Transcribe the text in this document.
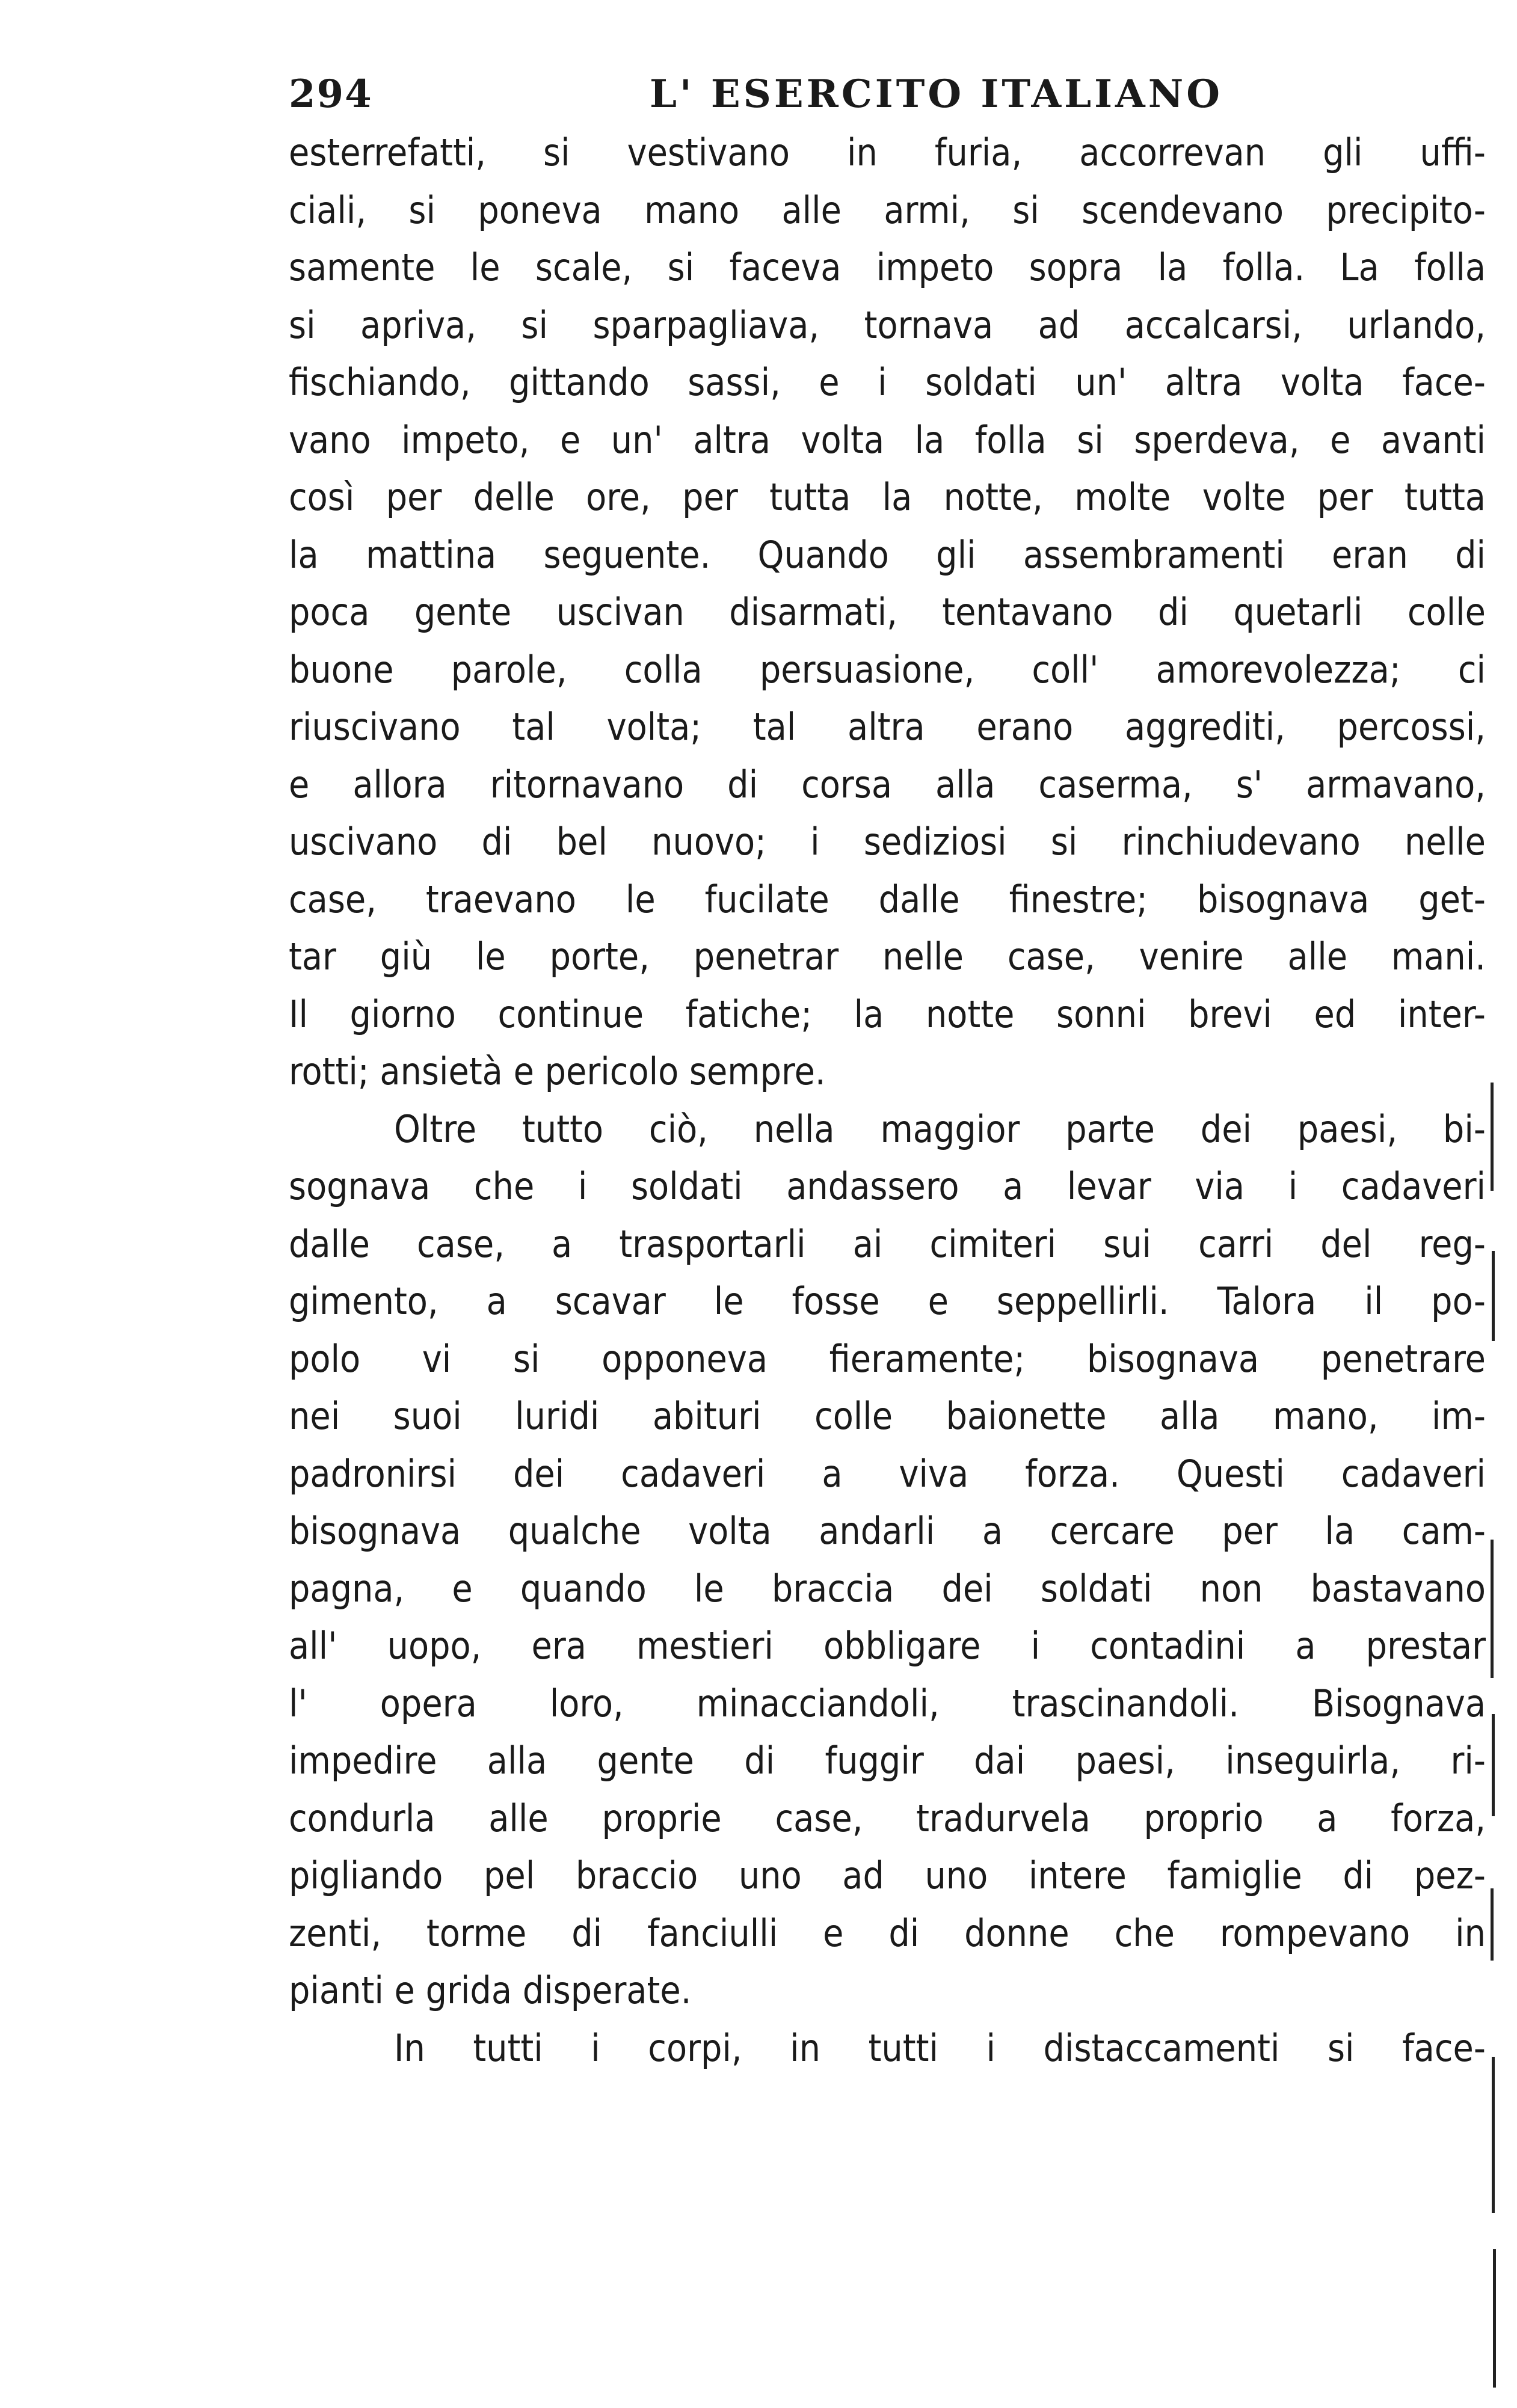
294	L' ESERCITO ITALIANO
esterrefatti, si vestivano in furia, accorrevan gli uffi-
ciali, si poneva mano alle armi, si scendevano precipito-
samente le scale, si faceva impeto sopra la folla. La folla
si apriva, si sparpagliava, tornava ad accalcarsi, urlando,
fischiando, gittando sassi, e i soldati un' altra volta face-
vano impeto, e un' altra volta la folla si sperdeva, e avanti
così per delle ore, per tutta la notte, molte volte per tutta
la mattina seguente. Quando gli assembramenti eran di
poca gente uscivan disarmati, tentavano di quetarli colle
buone parole, colla persuasione, coll' amorevolezza; ci
riuscivano tal volta; tal altra erano aggrediti, percossi,
e allora ritornavano di corsa alla caserma, s' armavano,
uscivano di bel nuovo; i sediziosi si rinchiudevano nelle
case, traevano le fucilate dalle finestre; bisognava get-
tar giù le porte, penetrar nelle case, venire alle mani.
Il giorno continue fatiche; la notte sonni brevi ed inter-
rotti; ansietà e pericolo sempre.
Oltre tutto ciò, nella maggior parte dei paesi, bi-
sognava che i soldati andassero a levar via i cadaveri
dalle case, a trasportarli ai cimiteri sui carri del reg-
gimento, a scavar le fosse e seppellirli. Talora il po-
polo vi si opponeva fieramente; bisognava penetrare
nei suoi luridi abituri colle baionette alla mano, im-
padronirsi dei cadaveri a viva forza. Questi cadaveri
bisognava qualche volta andarli a cercare per la cam-
pagna, e quando le braccia dei soldati non bastavano
all' uopo, era mestieri obbligare i contadini a prestar
l' opera loro, minacciandoli, trascinandoli. Bisognava
impedire alla gente di fuggir dai paesi, inseguirla, ri-
condurla alle proprie case, tradurvela proprio a forza,
pigliando pel braccio uno ad uno intere famiglie di pez-
zenti, torme di fanciulli e di donne che rompevano in
pianti e grida disperate.
In tutti i corpi, in tutti i distaccamenti si face-
